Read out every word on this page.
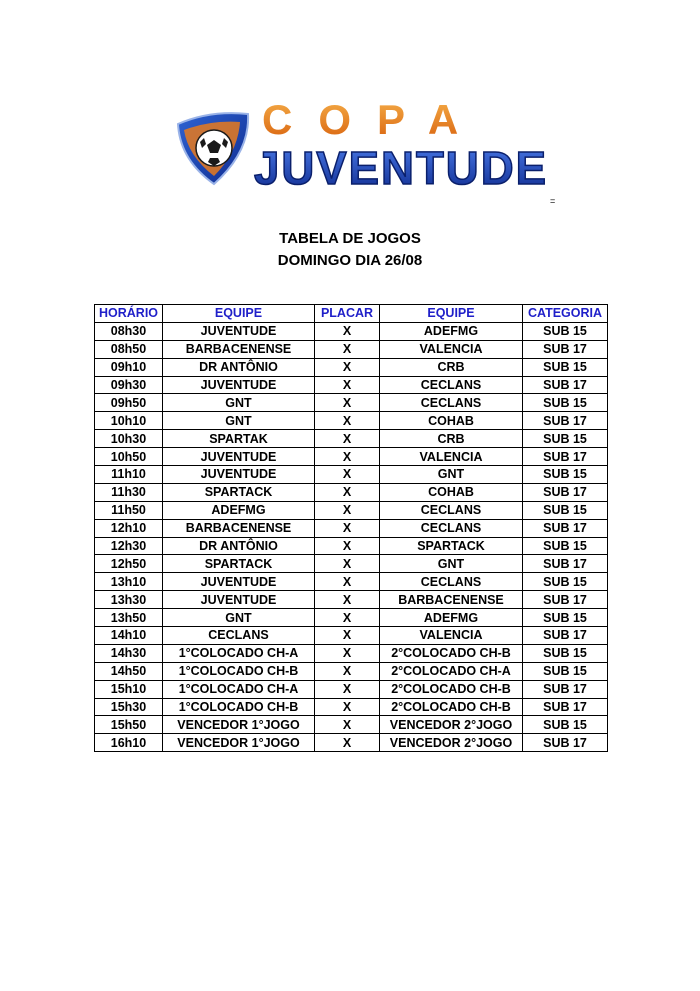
COPA
JUVENTUDE
=
TABELA DE JOGOS
DOMINGO DIA 26/08
HORÁRIO	EQUIPE	PLACAR	EQUIPE	CATEGORIA
08h30	JUVENTUDE	X	ADEFMG	SUB 15
08h50	BARBACENENSE	X	VALENCIA	SUB 17
09h10	DR ANTÔNIO	X	CRB	SUB 15
09h30	JUVENTUDE	X	CECLANS	SUB 17
09h50	GNT	X	CECLANS	SUB 15
10h10	GNT	X	COHAB	SUB 17
10h30	SPARTAK	X	CRB	SUB 15
10h50	JUVENTUDE	X	VALENCIA	SUB 17
11h10	JUVENTUDE	X	GNT	SUB 15
11h30	SPARTACK	X	COHAB	SUB 17
11h50	ADEFMG	X	CECLANS	SUB 15
12h10	BARBACENENSE	X	CECLANS	SUB 17
12h30	DR ANTÔNIO	X	SPARTACK	SUB 15
12h50	SPARTACK	X	GNT	SUB 17
13h10	JUVENTUDE	X	CECLANS	SUB 15
13h30	JUVENTUDE	X	BARBACENENSE	SUB 17
13h50	GNT	X	ADEFMG	SUB 15
14h10	CECLANS	X	VALENCIA	SUB 17
14h30	1°COLOCADO CH-A	X	2°COLOCADO CH-B	SUB 15
14h50	1°COLOCADO CH-B	X	2°COLOCADO CH-A	SUB 15
15h10	1°COLOCADO CH-A	X	2°COLOCADO CH-B	SUB 17
15h30	1°COLOCADO CH-B	X	2°COLOCADO CH-B	SUB 17
15h50	VENCEDOR 1°JOGO	X	VENCEDOR 2°JOGO	SUB 15
16h10	VENCEDOR 1°JOGO	X	VENCEDOR 2°JOGO	SUB 17
